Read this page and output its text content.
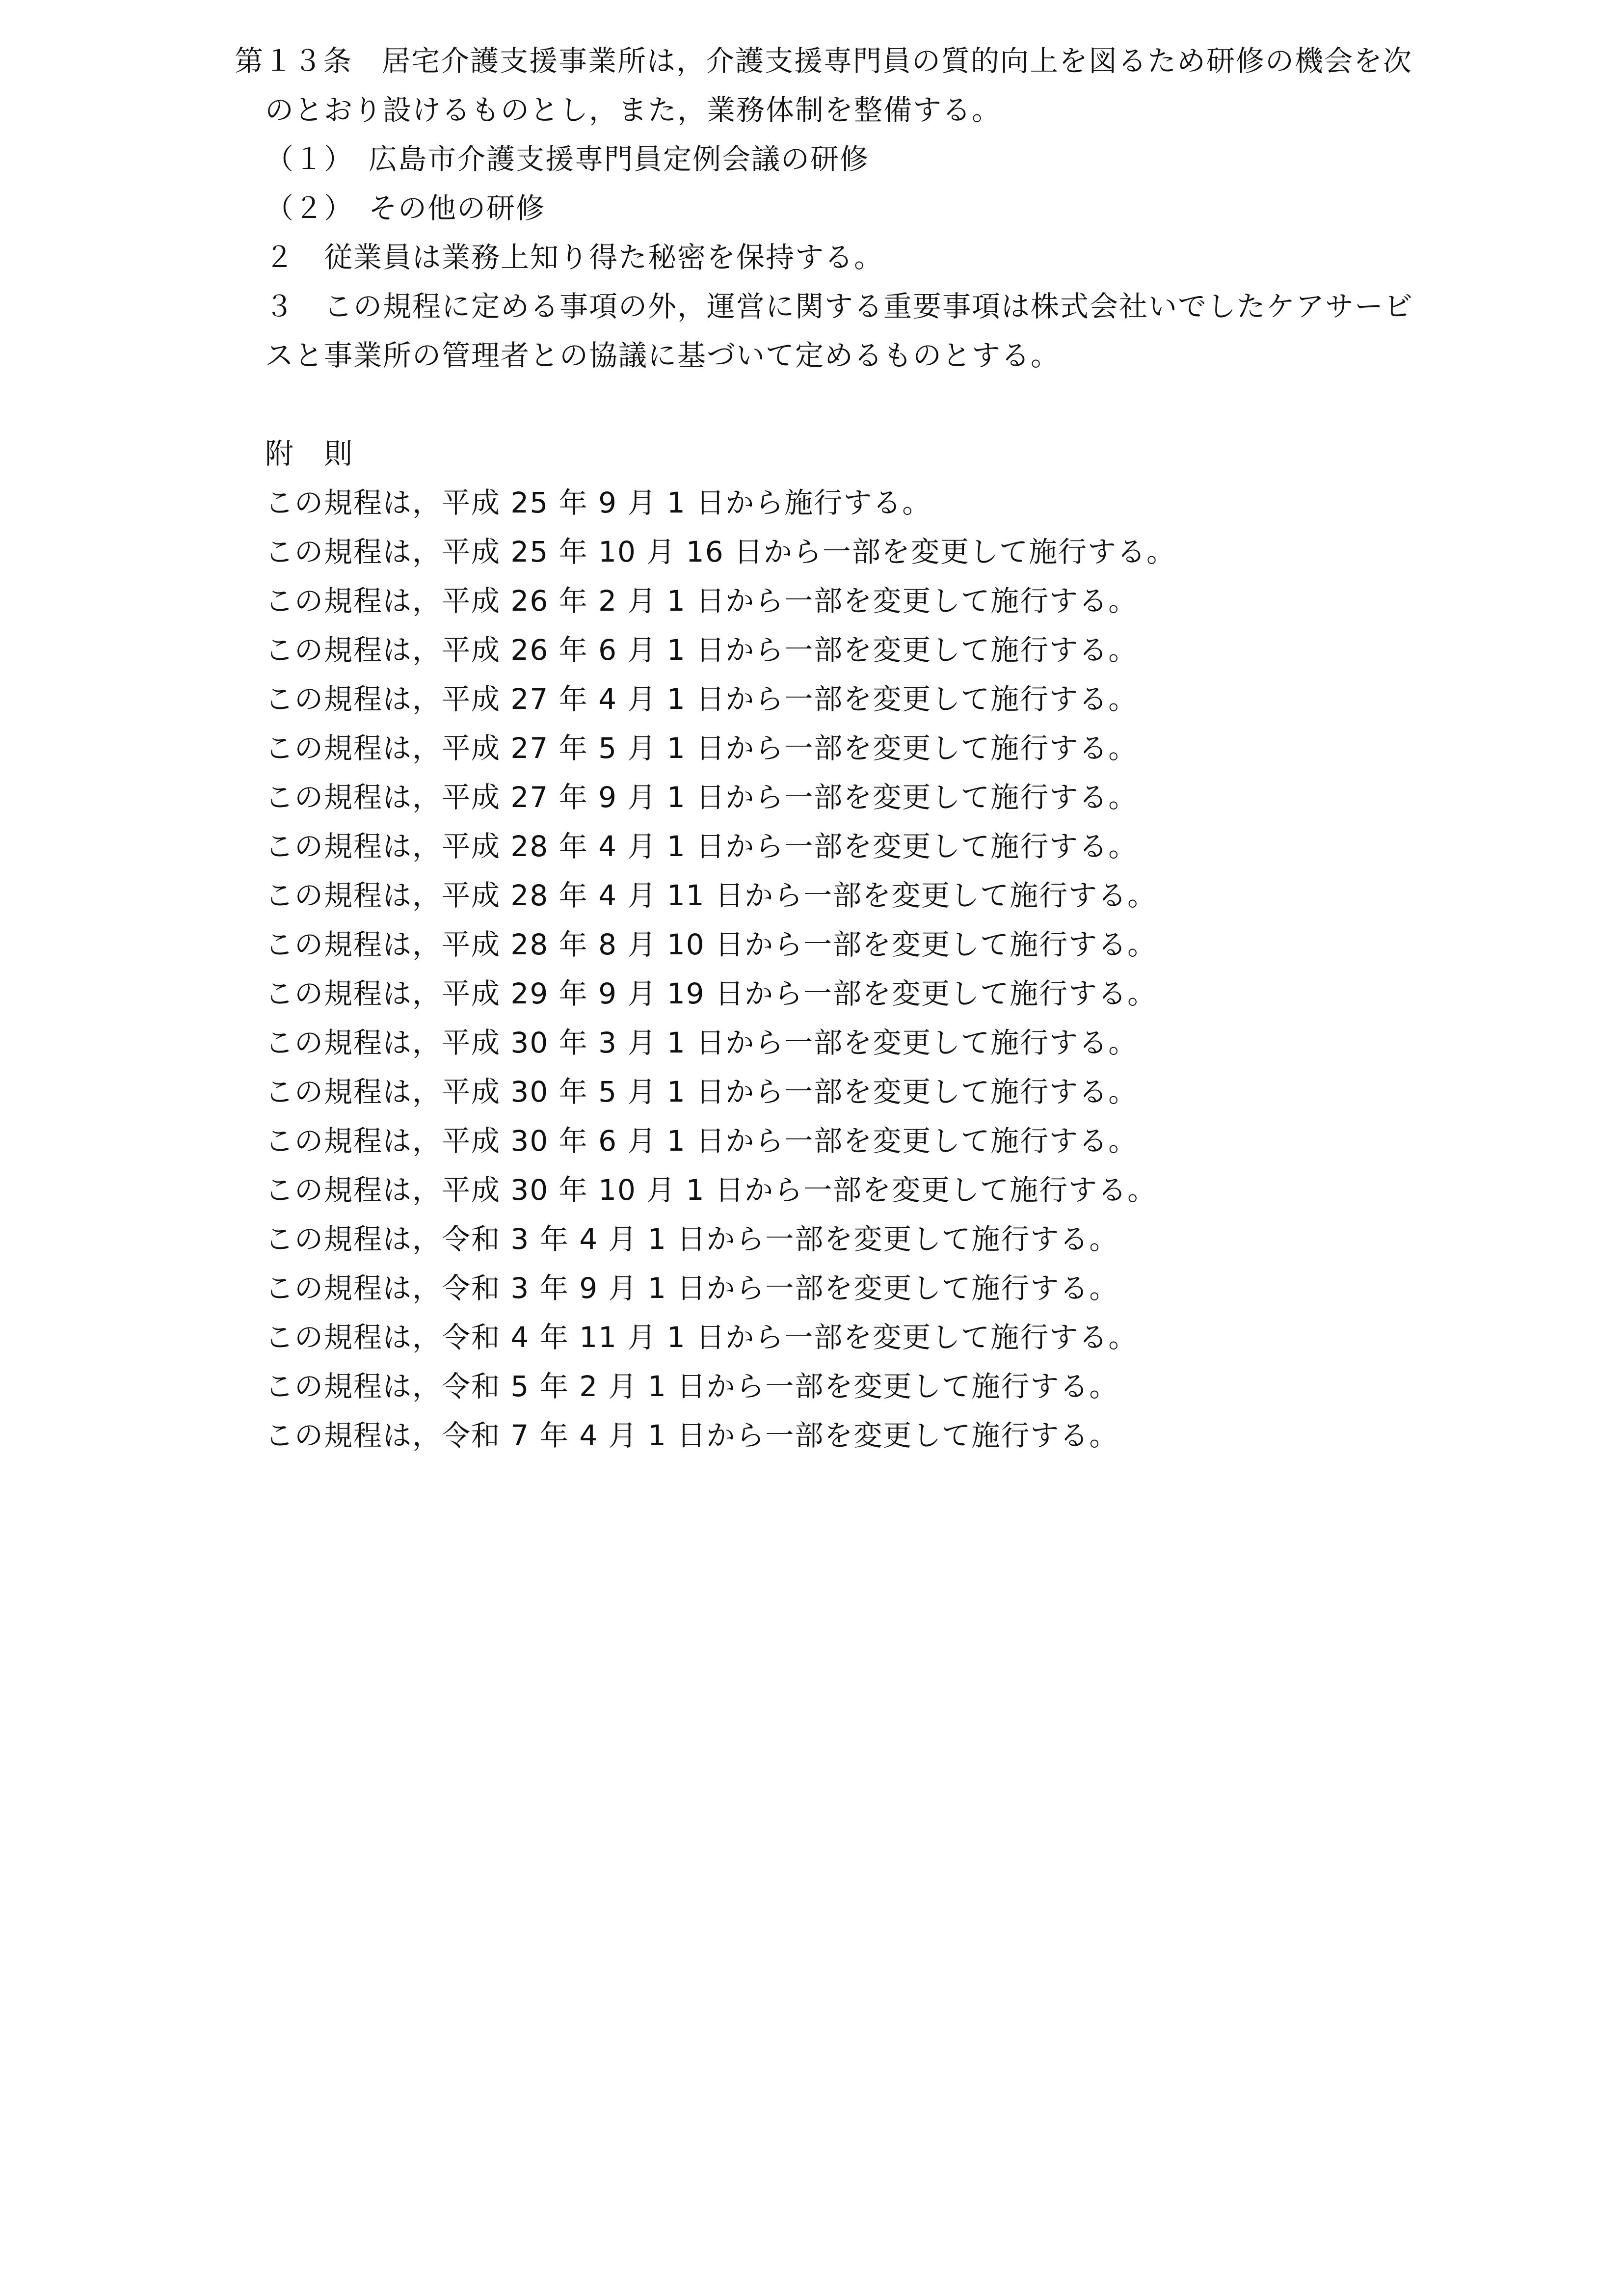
第１３条　居宅介護支援事業所は，介護支援専門員の質的向上を図るため研修の機会を次
のとおり設けるものとし，また，業務体制を整備する。
（１）　広島市介護支援専門員定例会議の研修
（２）　その他の研修
２　従業員は業務上知り得た秘密を保持する。
３　この規程に定める事項の外，運営に関する重要事項は株式会社いでしたケアサービ
スと事業所の管理者との協議に基づいて定めるものとする。
附　則
この規程は，平成 25 年 9 月 1 日から施行する。
この規程は，平成 25 年 10 月 16 日から一部を変更して施行する。
この規程は，平成 26 年 2 月 1 日から一部を変更して施行する。
この規程は，平成 26 年 6 月 1 日から一部を変更して施行する。
この規程は，平成 27 年 4 月 1 日から一部を変更して施行する。
この規程は，平成 27 年 5 月 1 日から一部を変更して施行する。
この規程は，平成 27 年 9 月 1 日から一部を変更して施行する。
この規程は，平成 28 年 4 月 1 日から一部を変更して施行する。
この規程は，平成 28 年 4 月 11 日から一部を変更して施行する。
この規程は，平成 28 年 8 月 10 日から一部を変更して施行する。
この規程は，平成 29 年 9 月 19 日から一部を変更して施行する。
この規程は，平成 30 年 3 月 1 日から一部を変更して施行する。
この規程は，平成 30 年 5 月 1 日から一部を変更して施行する。
この規程は，平成 30 年 6 月 1 日から一部を変更して施行する。
この規程は，平成 30 年 10 月 1 日から一部を変更して施行する。
この規程は，令和 3 年 4 月 1 日から一部を変更して施行する。
この規程は，令和 3 年 9 月 1 日から一部を変更して施行する。
この規程は，令和 4 年 11 月 1 日から一部を変更して施行する。
この規程は，令和 5 年 2 月 1 日から一部を変更して施行する。
この規程は，令和 7 年 4 月 1 日から一部を変更して施行する。
